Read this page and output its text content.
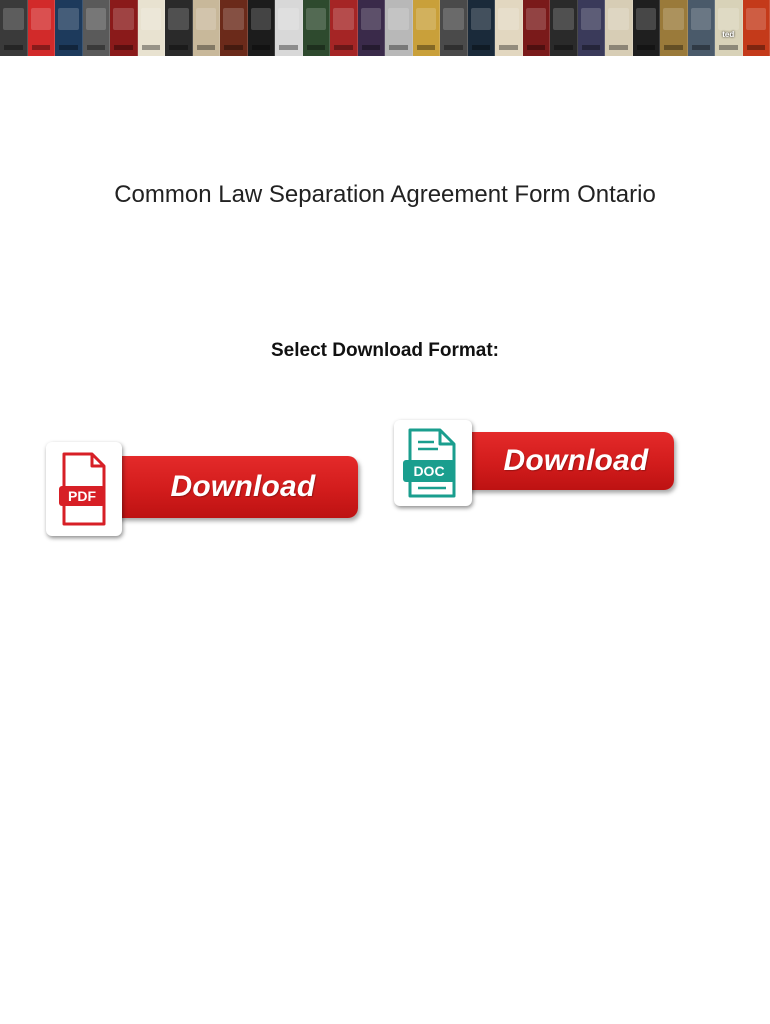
ted
Common Law Separation Agreement Form Ontario
Select Download Format:
Download
PDF
Download
DOC
